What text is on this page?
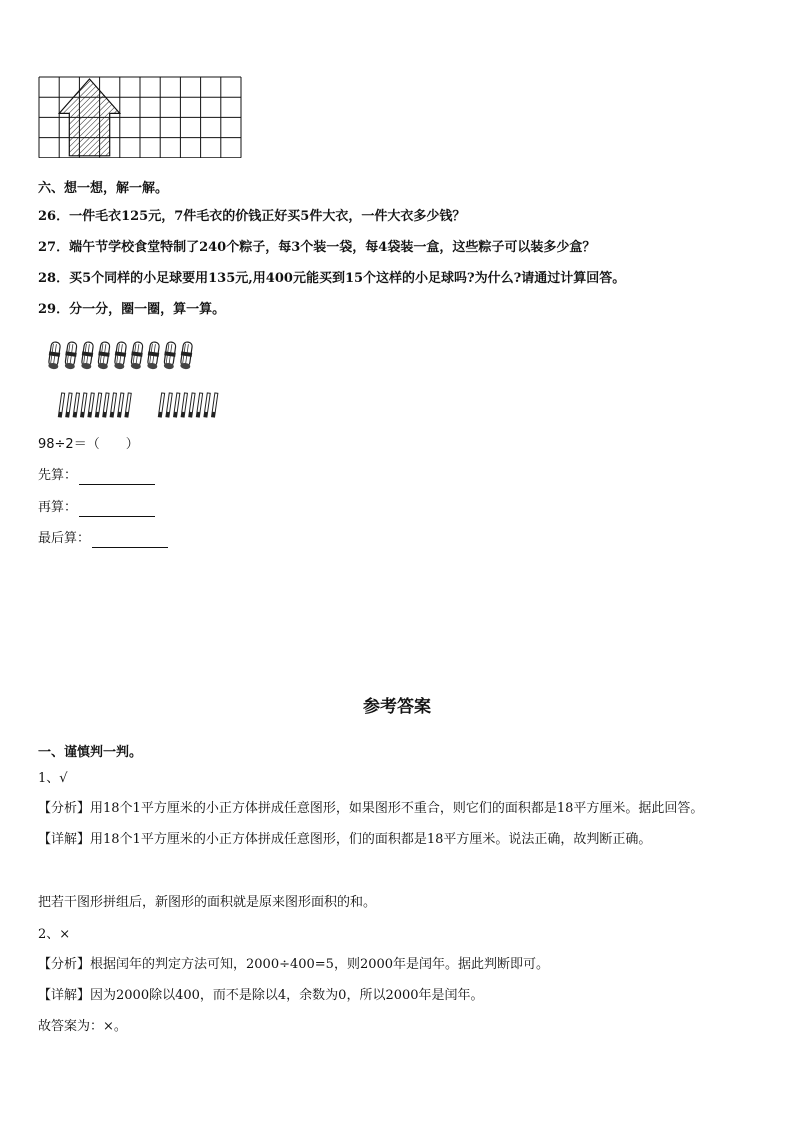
六、想一想，解一解。
26．一件毛衣125元，7件毛衣的价钱正好买5件大衣，一件大衣多少钱？
27．端午节学校食堂特制了240个粽子，每3个装一袋，每4袋装一盒，这些粽子可以装多少盒？
28．买5个同样的小足球要用135元,用400元能买到15个这样的小足球吗?为什么?请通过计算回答。
29．分一分，圈一圈，算一算。
98÷2＝（　　）
先算：
再算：
最后算：
参考答案
一、谨慎判一判。
1、√
【分析】用18个1平方厘米的小正方体拼成任意图形，如果图形不重合，则它们的面积都是18平方厘米。据此回答。
【详解】用18个1平方厘米的小正方体拼成任意图形，们的面积都是18平方厘米。说法正确，故判断正确。
把若干图形拼组后，新图形的面积就是原来图形面积的和。
2、×
【分析】根据闰年的判定方法可知，2000÷400=5，则2000年是闰年。据此判断即可。
【详解】因为2000除以400，而不是除以4，余数为0，所以2000年是闰年。
故答案为：×。
